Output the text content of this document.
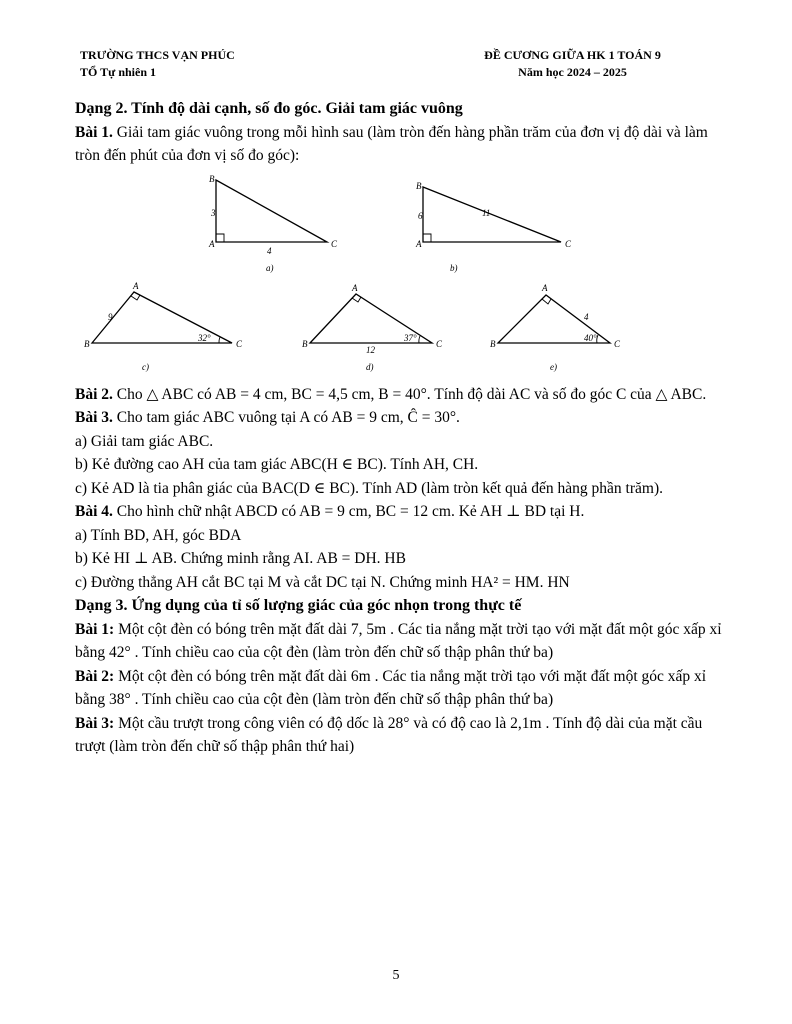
TRƯỜNG THCS VẠN PHÚC
TỔ Tự nhiên 1
ĐỀ CƯƠNG GIỮA HK 1 TOÁN 9
Năm học 2024 – 2025
Dạng 2. Tính độ dài cạnh, số đo góc. Giải tam giác vuông

Bài 1. Giải tam giác vuông trong mỗi hình sau (làm tròn đến hàng phần trăm của đơn vị độ dài và làm tròn đến phút của đơn vị số đo góc):

Bài 2. Cho △ ABC có AB = 4 cm, BC = 4,5 cm, B = 40°. Tính độ dài AC và số đo góc C của △ ABC.

Bài 3. Cho tam giác ABC vuông tại A có AB = 9 cm, Ĉ = 30°.

a) Giải tam giác ABC.

b) Kẻ đường cao AH của tam giác ABC(H ∈ BC). Tính AH, CH.

c) Kẻ AD là tia phân giác của BAC(D ∈ BC). Tính AD (làm tròn kết quả đến hàng phần trăm).

Bài 4. Cho hình chữ nhật ABCD có AB = 9 cm, BC = 12 cm. Kẻ AH ⊥ BD tại H.

a) Tính BD, AH, góc BDA

b) Kẻ HI ⊥ AB. Chứng minh rằng AI. AB = DH. HB

c) Đường thẳng AH cắt BC tại M và cắt DC tại N. Chứng minh HA² = HM. HN

Dạng 3. Ứng dụng của tỉ số lượng giác của góc nhọn trong thực tế

Bài 1: Một cột đèn có bóng trên mặt đất dài 7, 5m . Các tia nắng mặt trời tạo với mặt đất một góc xấp xỉ bằng 42° . Tính chiều cao của cột đèn (làm tròn đến chữ số thập phân thứ ba)

Bài 2: Một cột đèn có bóng trên mặt đất dài 6m . Các tia nắng mặt trời tạo với mặt đất một góc xấp xỉ bằng 38° . Tính chiều cao của cột đèn (làm tròn đến chữ số thập phân thứ ba)

Bài 3: Một cầu trượt trong công viên có độ dốc là 28° và có độ cao là 2,1m . Tính độ dài của mặt cầu trượt (làm tròn đến chữ số thập phân thứ hai)

B
A	C
3
4
a)
B
A	C
6	11
b)
A
B	C
9
32°
c)
A
B	C
37°
12
d)
A
B	C
4
40°
e)
5
